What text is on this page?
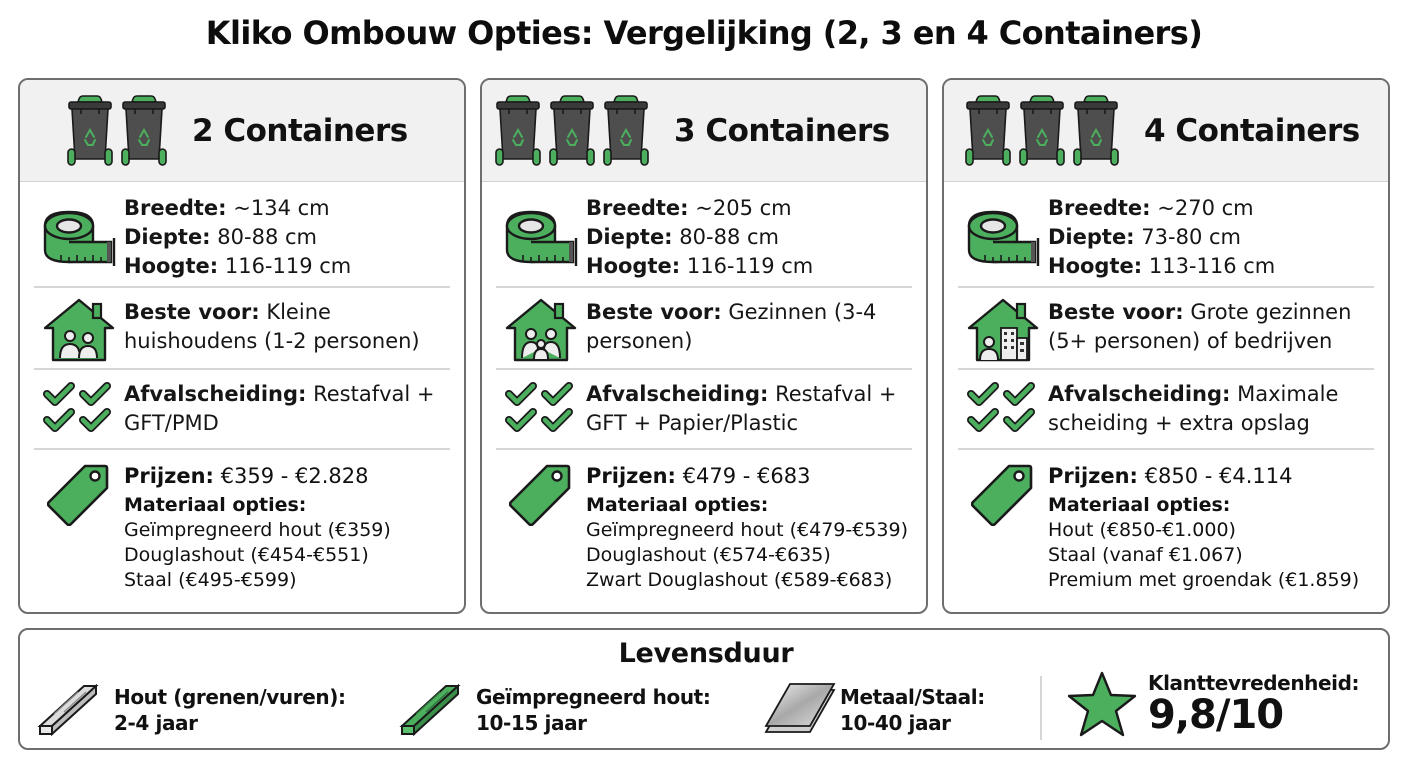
Kliko Ombouw Opties: Vergelijking (2, 3 en 4 Containers)
2 Containers
Breedte: ~134 cm
Diepte: 80-88 cm
Hoogte: 116-119 cm
Beste voor: Kleine huishoudens (1-2 personen)
Afvalscheiding: Restafval + GFT/PMD
Prijzen: €359 - €2.828
Materiaal opties:
Geïmpregneerd hout (€359)
Douglashout (€454-€551)
Staal (€495-€599)
3 Containers
Breedte: ~205 cm
Diepte: 80-88 cm
Hoogte: 116-119 cm
Beste voor: Gezinnen (3-4 personen)
Afvalscheiding: Restafval + GFT + Papier/Plastic
Prijzen: €479 - €683
Materiaal opties:
Geïmpregneerd hout (€479-€539)
Douglashout (€574-€635)
Zwart Douglashout (€589-€683)
4 Containers
Breedte: ~270 cm
Diepte: 73-80 cm
Hoogte: 113-116 cm
Beste voor: Grote gezinnen (5+ personen) of bedrijven
Afvalscheiding: Maximale scheiding + extra opslag
Prijzen: €850 - €4.114
Materiaal opties:
Hout (€850-€1.000)
Staal (vanaf €1.067)
Premium met groendak (€1.859)
Levensduur
Hout (grenen/vuren):
2-4 jaar
Geïmpregneerd hout:
10-15 jaar
Metaal/Staal:
10-40 jaar
Klanttevredenheid:
9,8/10
